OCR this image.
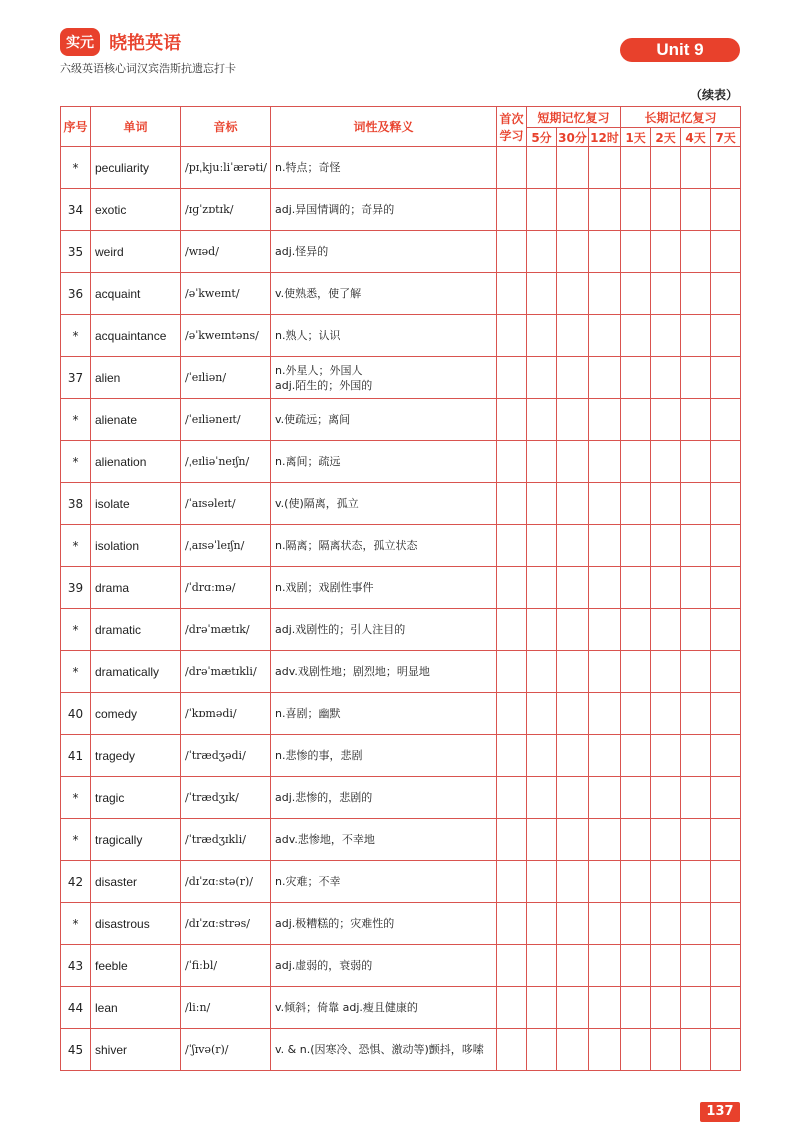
实元 晓艳英语
六级英语核心词汉宾浩斯抗遗忘打卡
Unit 9
（续表）
序号	单词	音标	词性及释义	首次学习	短期记忆复习			长期记忆复习			
					5分	30分	12时	1天	2天	4天	7天
*	peculiarity	/pɪˌkjuːliˈærəti/	n.特点；奇怪								
34	exotic	/ɪɡˈzɒtɪk/	adj.异国情调的；奇异的								
35	weird	/wɪəd/	adj.怪异的								
36	acquaint	/əˈkweɪnt/	v.使熟悉，使了解								
*	acquaintance	/əˈkweɪntəns/	n.熟人；认识								
37	alien	/ˈeɪliən/	n.外星人；外国人
adj.陌生的；外国的								
*	alienate	/ˈeɪliəneɪt/	v.使疏远；离间								
*	alienation	/ˌeɪliəˈneɪʃn/	n.离间；疏远								
38	isolate	/ˈaɪsəleɪt/	v.(使)隔离，孤立								
*	isolation	/ˌaɪsəˈleɪʃn/	n.隔离；隔离状态，孤立状态								
39	drama	/ˈdrɑːmə/	n.戏剧；戏剧性事件								
*	dramatic	/drəˈmætɪk/	adj.戏剧性的；引人注目的								
*	dramatically	/drəˈmætɪkli/	adv.戏剧性地；剧烈地；明显地								
40	comedy	/ˈkɒmədi/	n.喜剧；幽默								
41	tragedy	/ˈtrædʒədi/	n.悲惨的事，悲剧								
*	tragic	/ˈtrædʒɪk/	adj.悲惨的，悲剧的								
*	tragically	/ˈtrædʒɪkli/	adv.悲惨地，不幸地								
42	disaster	/dɪˈzɑːstə(r)/	n.灾难；不幸								
*	disastrous	/dɪˈzɑːstrəs/	adj.极糟糕的；灾难性的								
43	feeble	/ˈfiːbl/	adj.虚弱的，衰弱的								
44	lean	/liːn/	v.倾斜；倚靠 adj.瘦且健康的								
45	shiver	/ˈʃɪvə(r)/	v. & n.(因寒冷、恐惧、激动等)颤抖，哆嗦								
137
